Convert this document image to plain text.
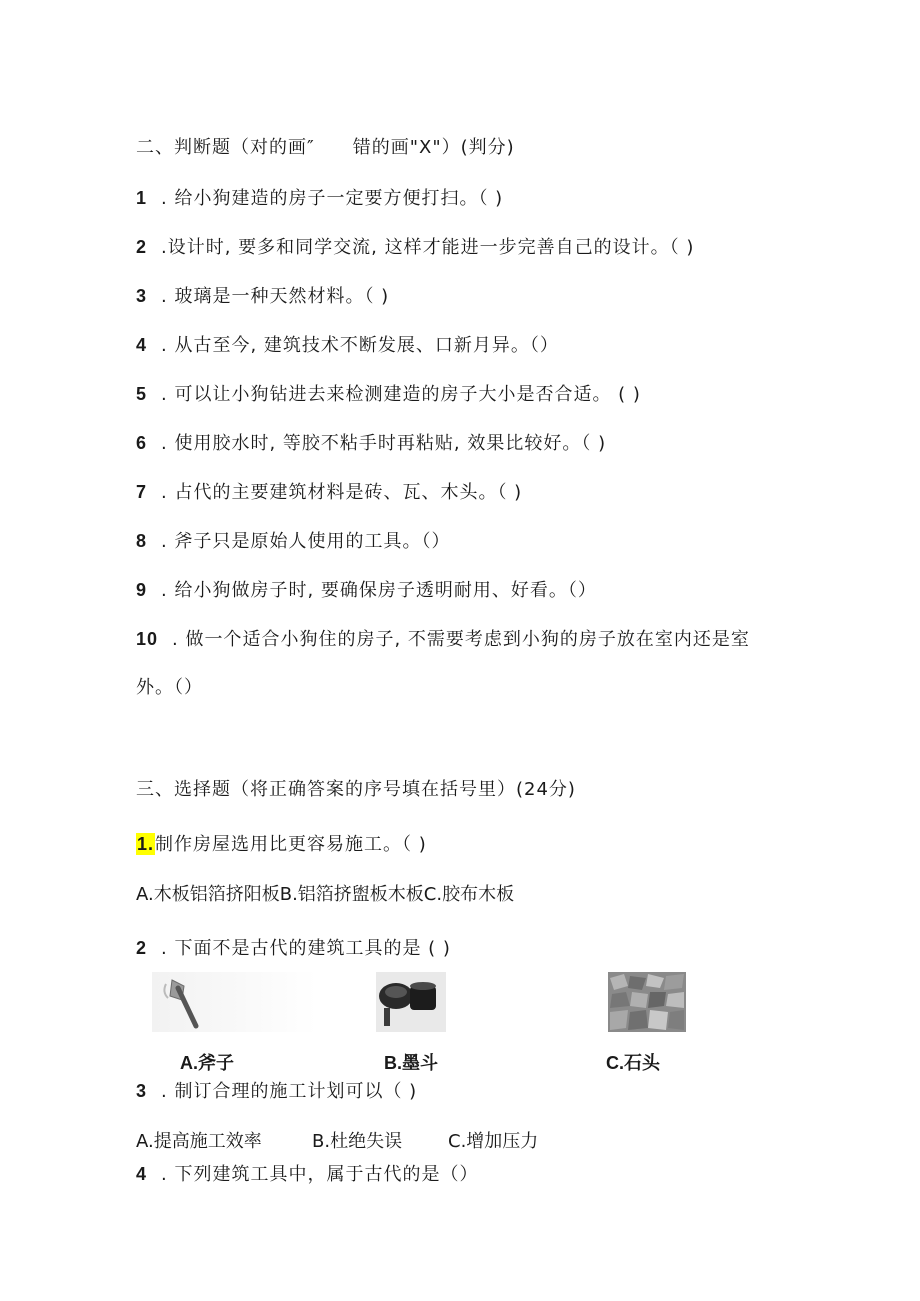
二、判断题（对的画″　　错的画"X"）(判分)
1 . 给小狗建造的房子一定要方便打扫。（ )
2 .设计时, 要多和同学交流, 这样才能进一步完善自己的设计。（ )
3 . 玻璃是一种天然材料。（ )
4 . 从古至今, 建筑技术不断发展、口新月异。（）
5 . 可以让小狗钻进去来检测建造的房子大小是否合适。 ( )
6 . 使用胶水时, 等胶不粘手时再粘贴, 效果比较好。（ )
7 . 占代的主要建筑材料是砖、瓦、木头。（ )
8 . 斧子只是原始人使用的工具。（）
9 . 给小狗做房子时, 要确保房子透明耐用、好看。（）
10 . 做一个适合小狗住的房子, 不需要考虑到小狗的房子放在室内还是室
外。（）
三、选择题（将正确答案的序号填在括号里）(24分)
1.制作房屋选用比更容易施工。（ )
A.木板铝箔挤阳板B.铝箔挤盥板木板C.胶布木板
2 . 下面不是古代的建筑工具的是 ( )
A.斧子	B.墨斗	C.石头
3 . 制订合理的施工计划可以（ )
A.提高施工效率	B.杜绝失误	C.增加压力
4 . 下列建筑工具中，属于古代的是（）
